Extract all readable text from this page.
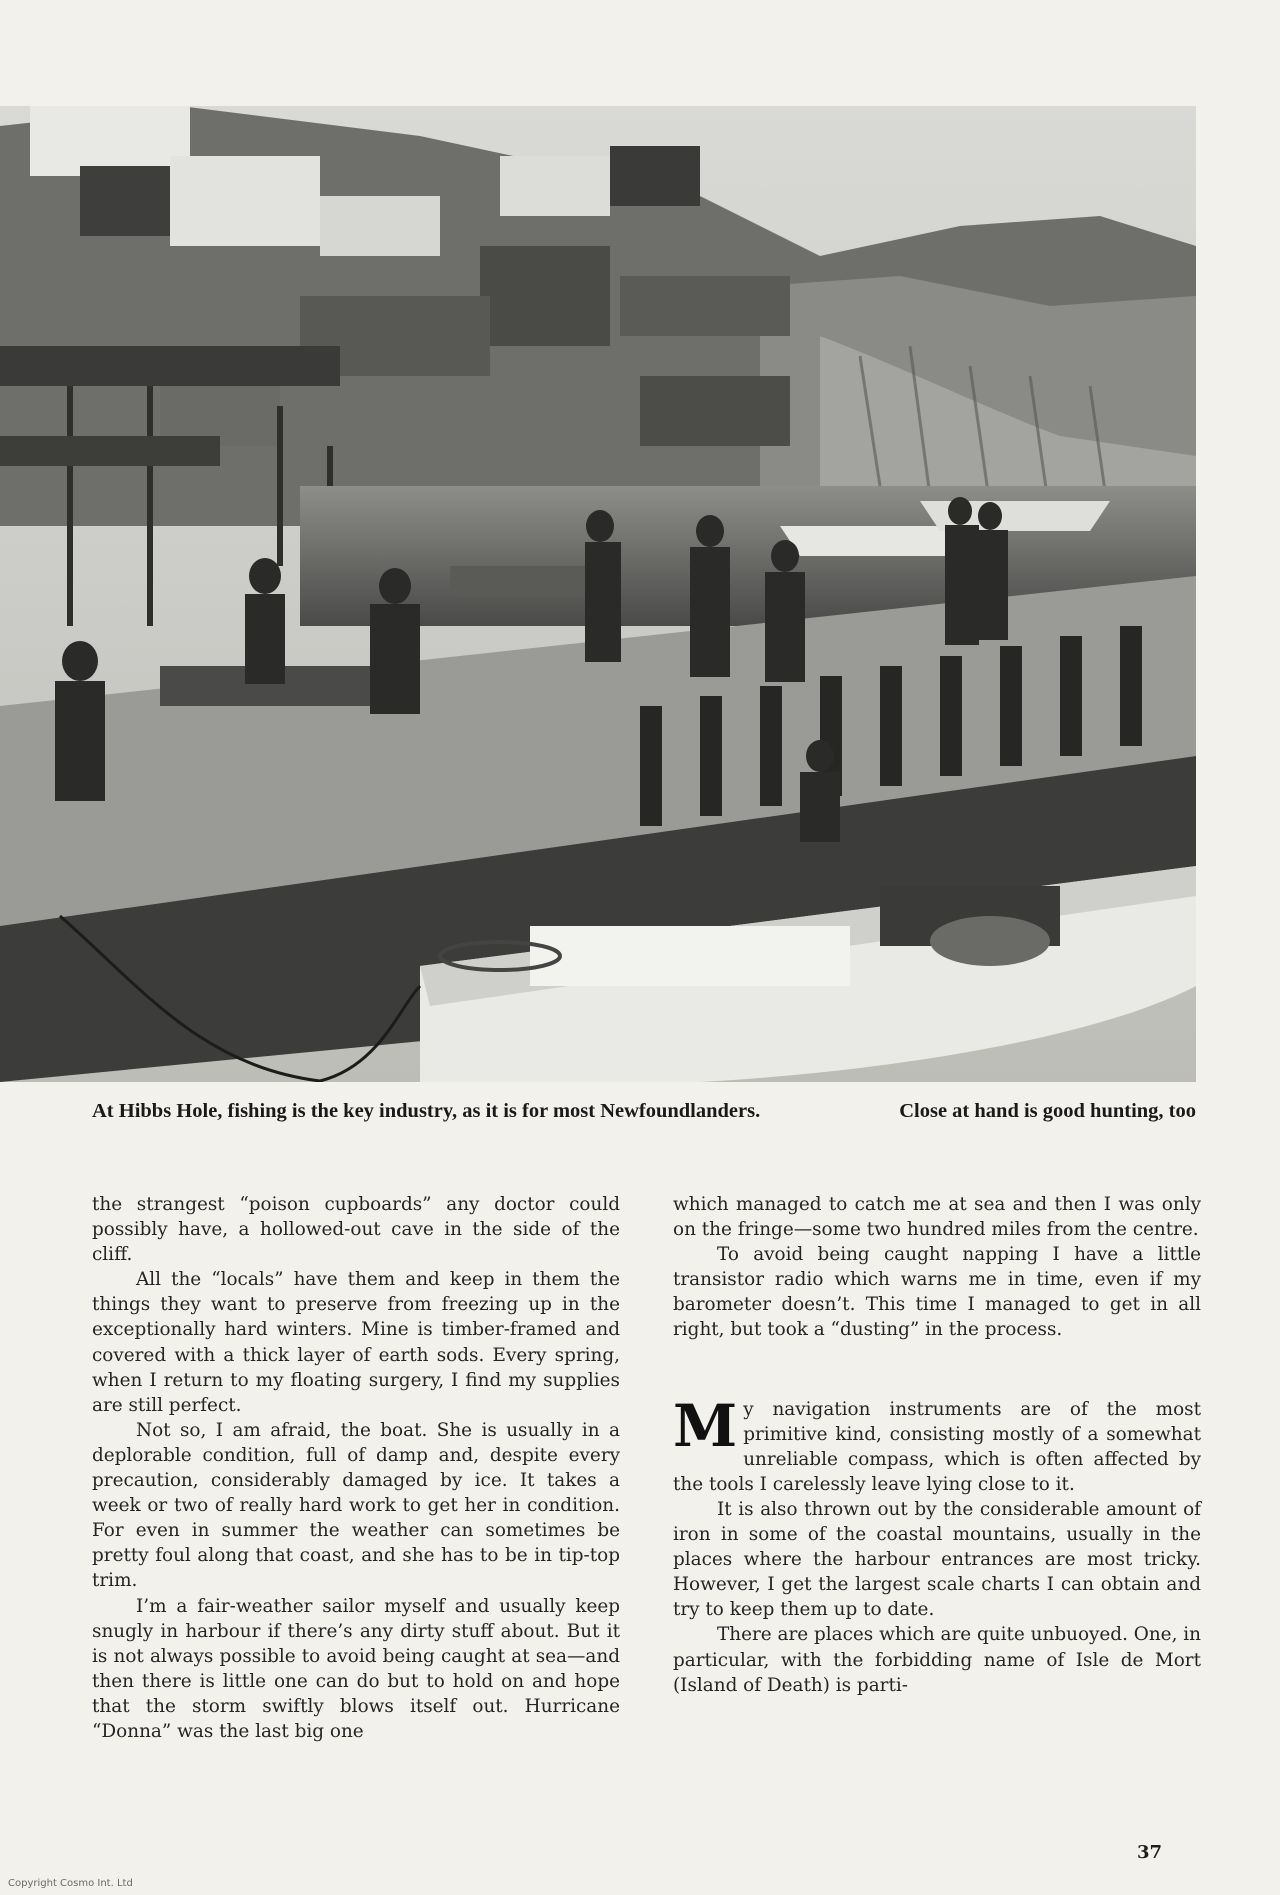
At Hibbs Hole, fishing is the key industry, as it is for most Newfoundlanders.	Close at hand is good hunting, too

the strangest “poison cupboards” any doctor could possibly have, a hollowed-out cave in the side of the cliff.

All the “locals” have them and keep in them the things they want to preserve from freezing up in the exceptionally hard winters. Mine is timber-framed and covered with a thick layer of earth sods. Every spring, when I return to my floating surgery, I find my supplies are still perfect.

Not so, I am afraid, the boat. She is usually in a deplorable condition, full of damp and, despite every precaution, considerably damaged by ice. It takes a week or two of really hard work to get her in condition. For even in summer the weather can sometimes be pretty foul along that coast, and she has to be in tip-top trim.

I’m a fair-weather sailor myself and usually keep snugly in harbour if there’s any dirty stuff about. But it is not always possible to avoid being caught at sea—and then there is little one can do but to hold on and hope that the storm swiftly blows itself out. Hurricane “Donna” was the last big one

which managed to catch me at sea and then I was only on the fringe—some two hundred miles from the centre.

To avoid being caught napping I have a little transistor radio which warns me in time, even if my barometer doesn’t. This time I managed to get in all right, but took a “dusting” in the process.

My navigation instruments are of the most primitive kind, consisting mostly of a somewhat unreliable compass, which is often affected by the tools I carelessly leave lying close to it.

It is also thrown out by the considerable amount of iron in some of the coastal mountains, usually in the places where the harbour entrances are most tricky. However, I get the largest scale charts I can obtain and try to keep them up to date.

There are places which are quite unbuoyed. One, in particular, with the forbidding name of Isle de Mort (Island of Death) is parti-

37
Copyright Cosmo Int. Ltd
